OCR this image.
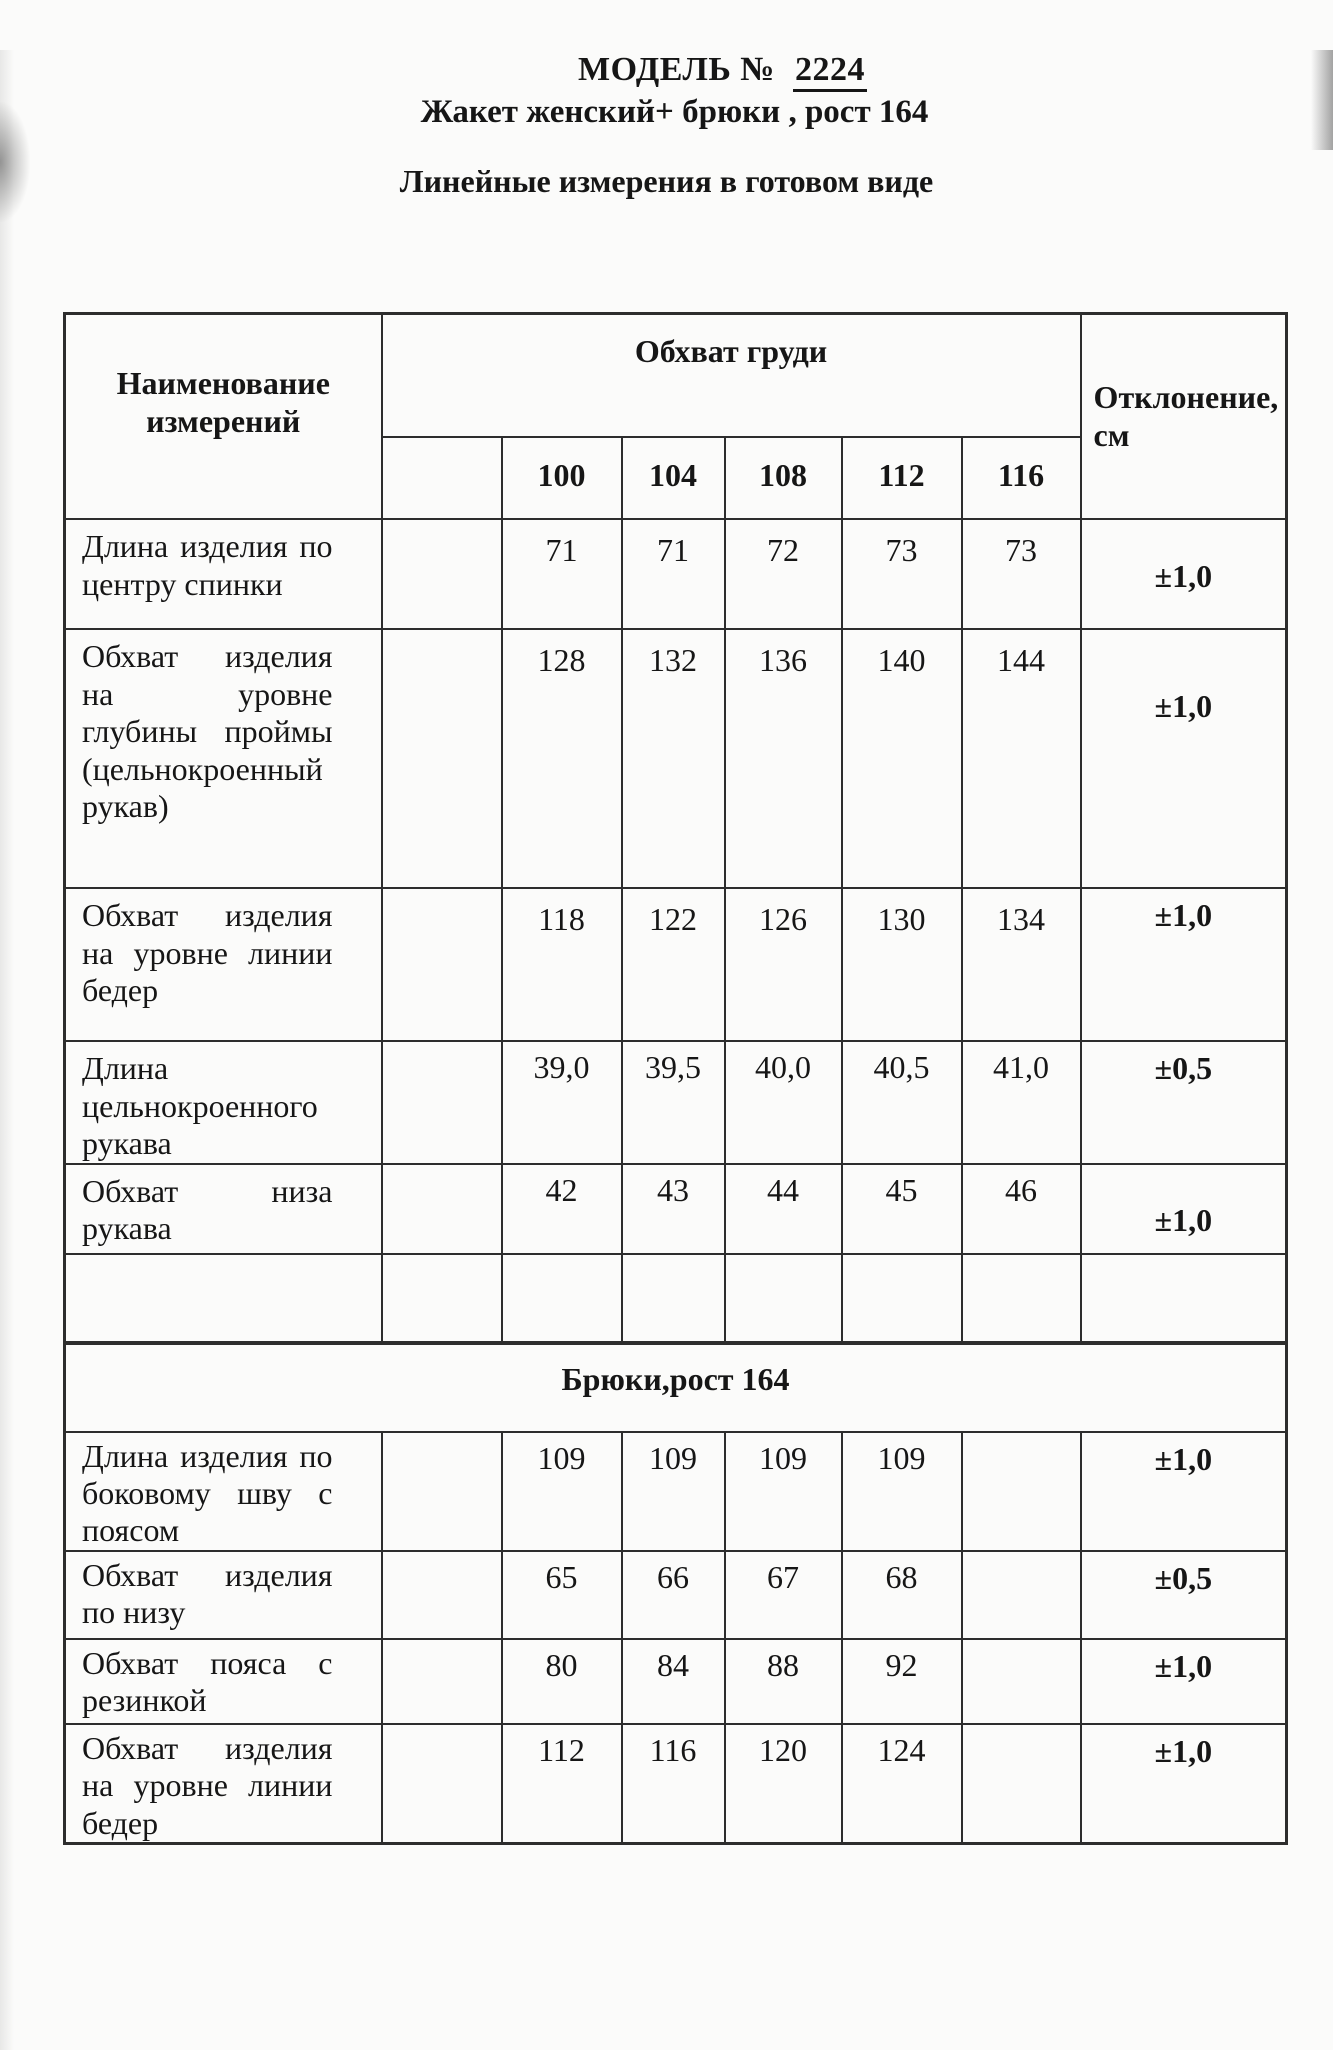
МОДЕЛЬ № 2224
Жакет женский+ брюки , рост 164
Линейные измерения в готовом виде
Наименование измерений	Обхват груди						Отклонение, см
		100	104	108	112	116	
Длина изделия по центру спинки		71	71	72	73	73	±1,0
Обхват изделия на уровне глубины проймы (цельнокроенный рукав)		128	132	136	140	144	±1,0
Обхват изделия на уровне линии бедер		118	122	126	130	134	±1,0
Длина цельнокроенного рукава		39,0	39,5	40,0	40,5	41,0	±0,5
Обхват низа рукава		42	43	44	45	46	±1,0

Брюки,рост 164							
Длина изделия по боковому шву с поясом		109	109	109	109		±1,0
Обхват изделия по низу		65	66	67	68		±0,5
Обхват пояса с резинкой		80	84	88	92		±1,0
Обхват изделия на уровне линии бедер		112	116	120	124		±1,0
